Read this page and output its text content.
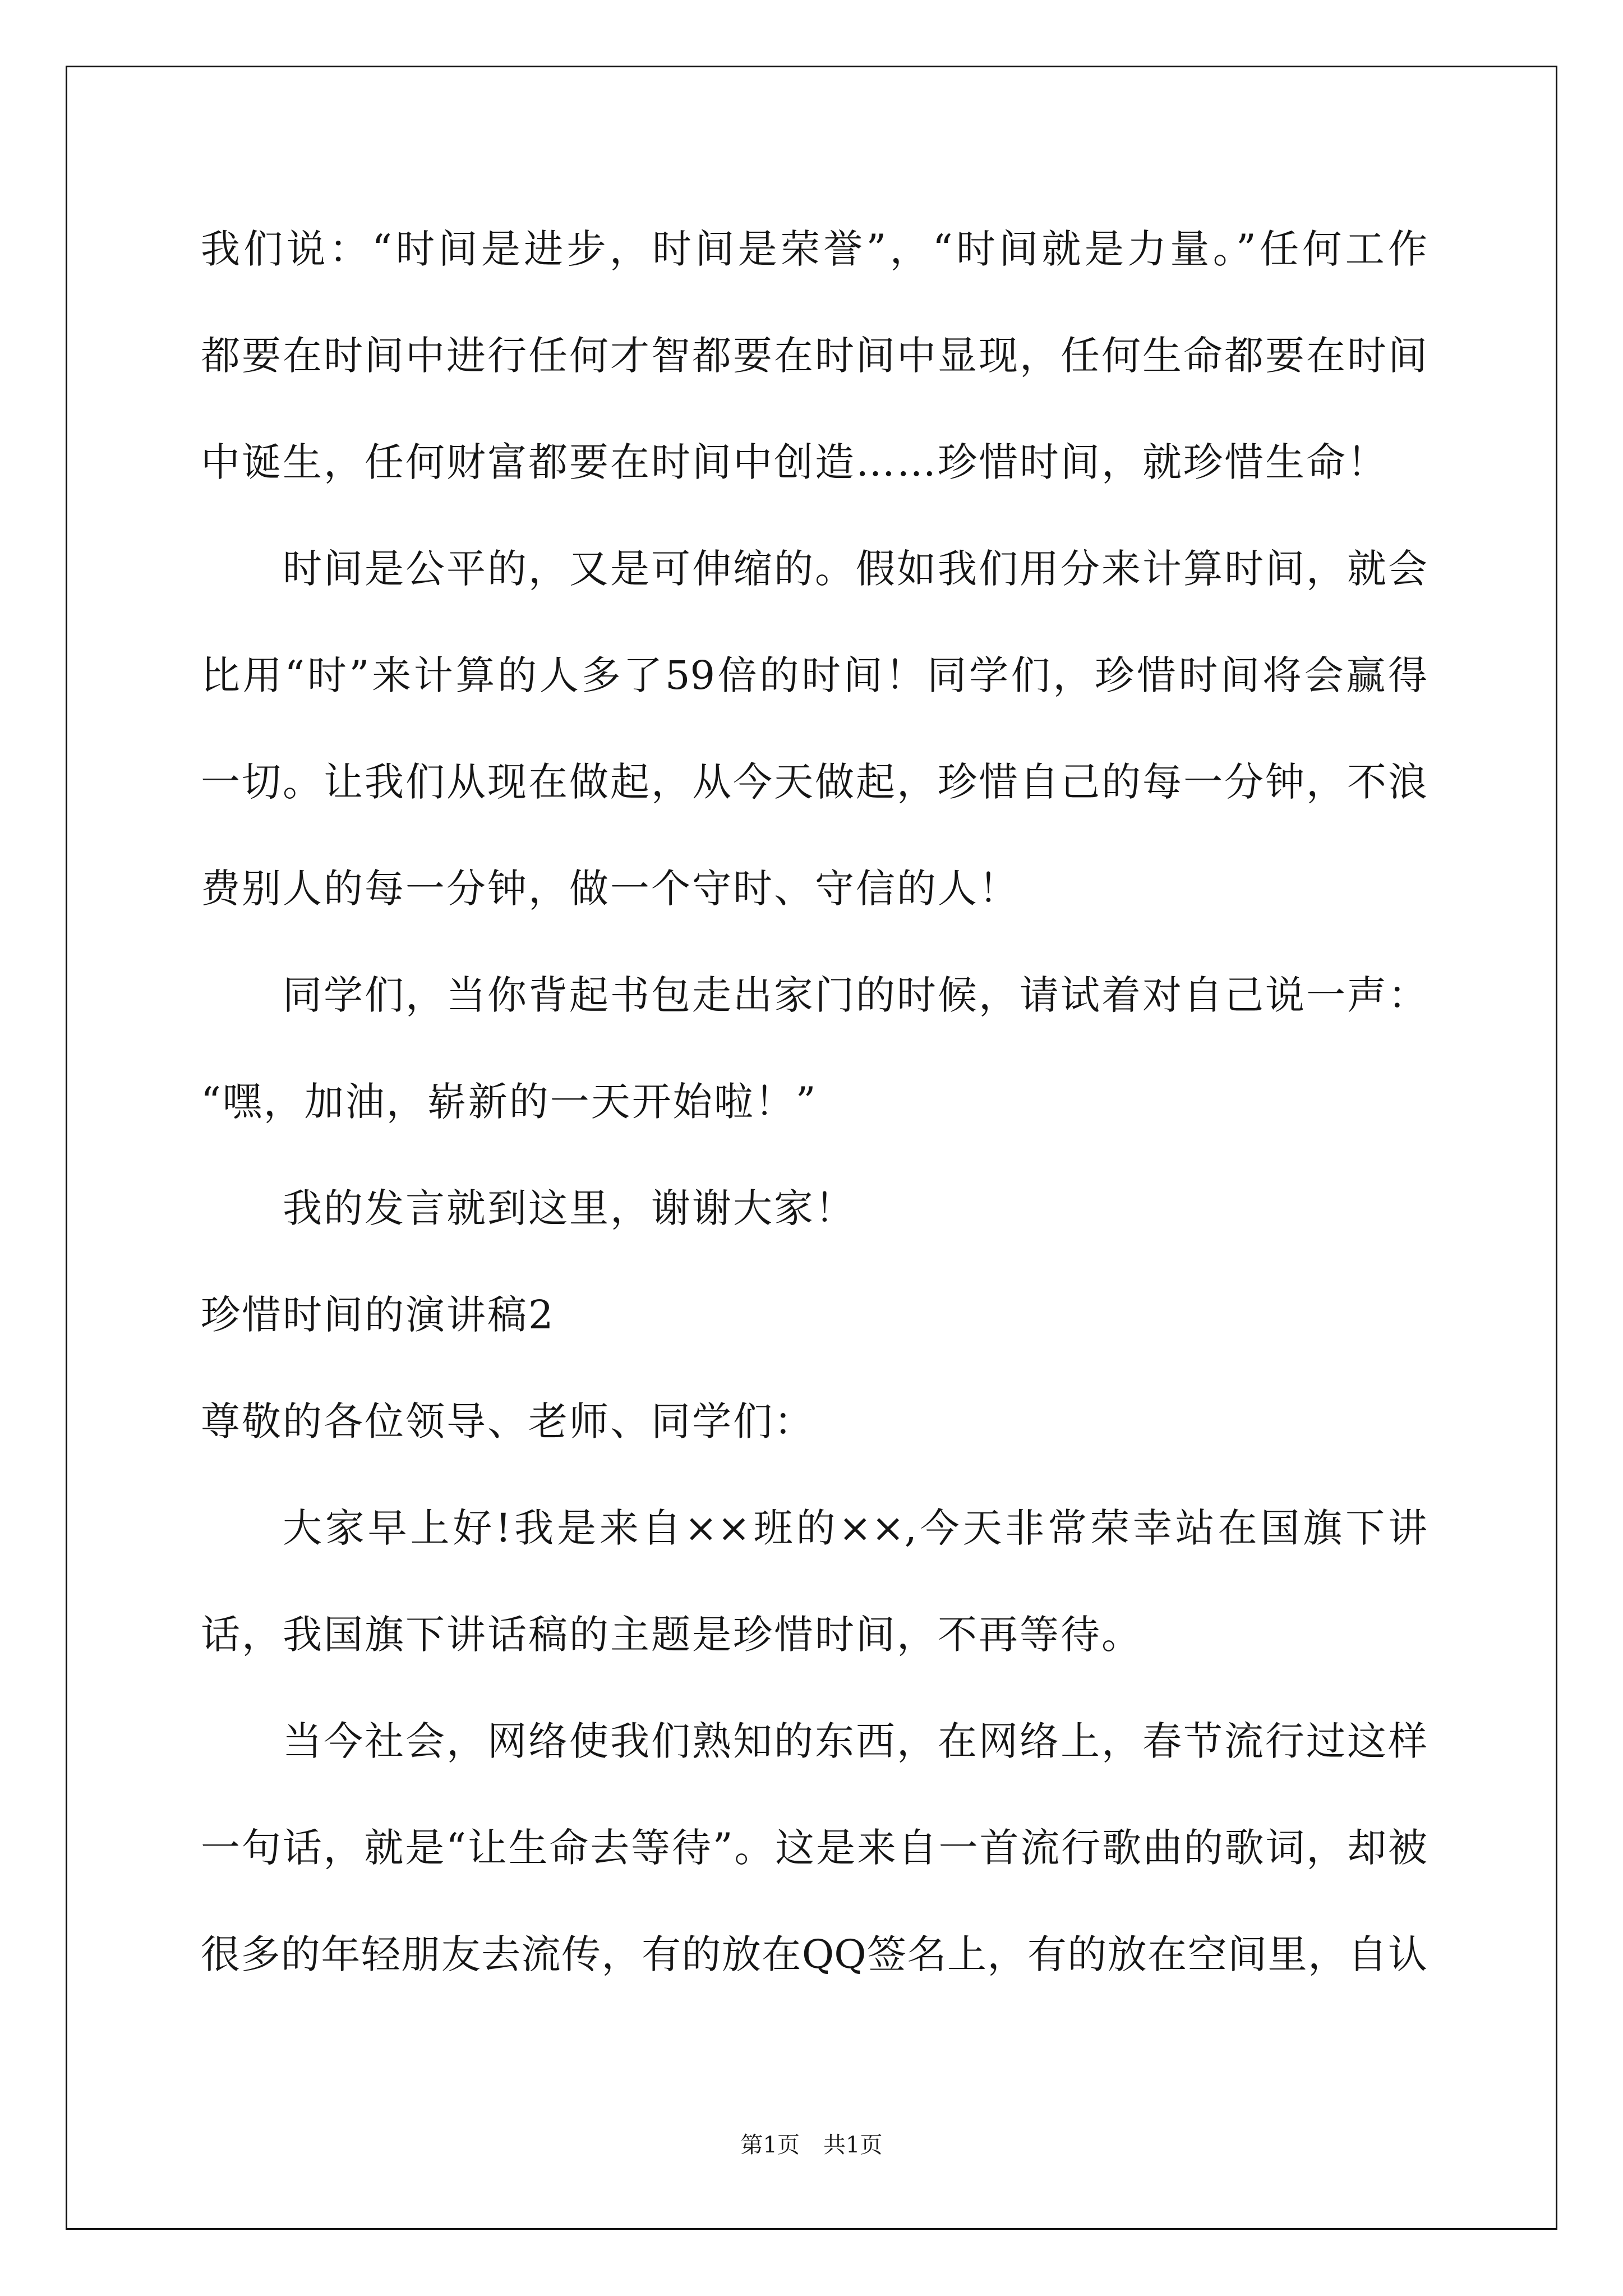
我们说：“时间是进步，时间是荣誉”，“时间就是力量。”任何工作
都要在时间中进行任何才智都要在时间中显现，任何生命都要在时间
中诞生，任何财富都要在时间中创造……珍惜时间，就珍惜生命！
时间是公平的，又是可伸缩的。假如我们用分来计算时间，就会
比用“时”来计算的人多了59倍的时间！同学们，珍惜时间将会赢得
一切。让我们从现在做起，从今天做起，珍惜自己的每一分钟，不浪
费别人的每一分钟，做一个守时、守信的人！
同学们，当你背起书包走出家门的时候，请试着对自己说一声：
“嘿，加油，崭新的一天开始啦！”
我的发言就到这里，谢谢大家！
珍惜时间的演讲稿2
尊敬的各位领导、老师、同学们：
大家早上好!我是来自××班的××,今天非常荣幸站在国旗下讲
话，我国旗下讲话稿的主题是珍惜时间，不再等待。
当今社会，网络使我们熟知的东西，在网络上，春节流行过这样
一句话，就是“让生命去等待”。这是来自一首流行歌曲的歌词，却被
很多的年轻朋友去流传，有的放在QQ签名上，有的放在空间里，自认
第1页 共1页
